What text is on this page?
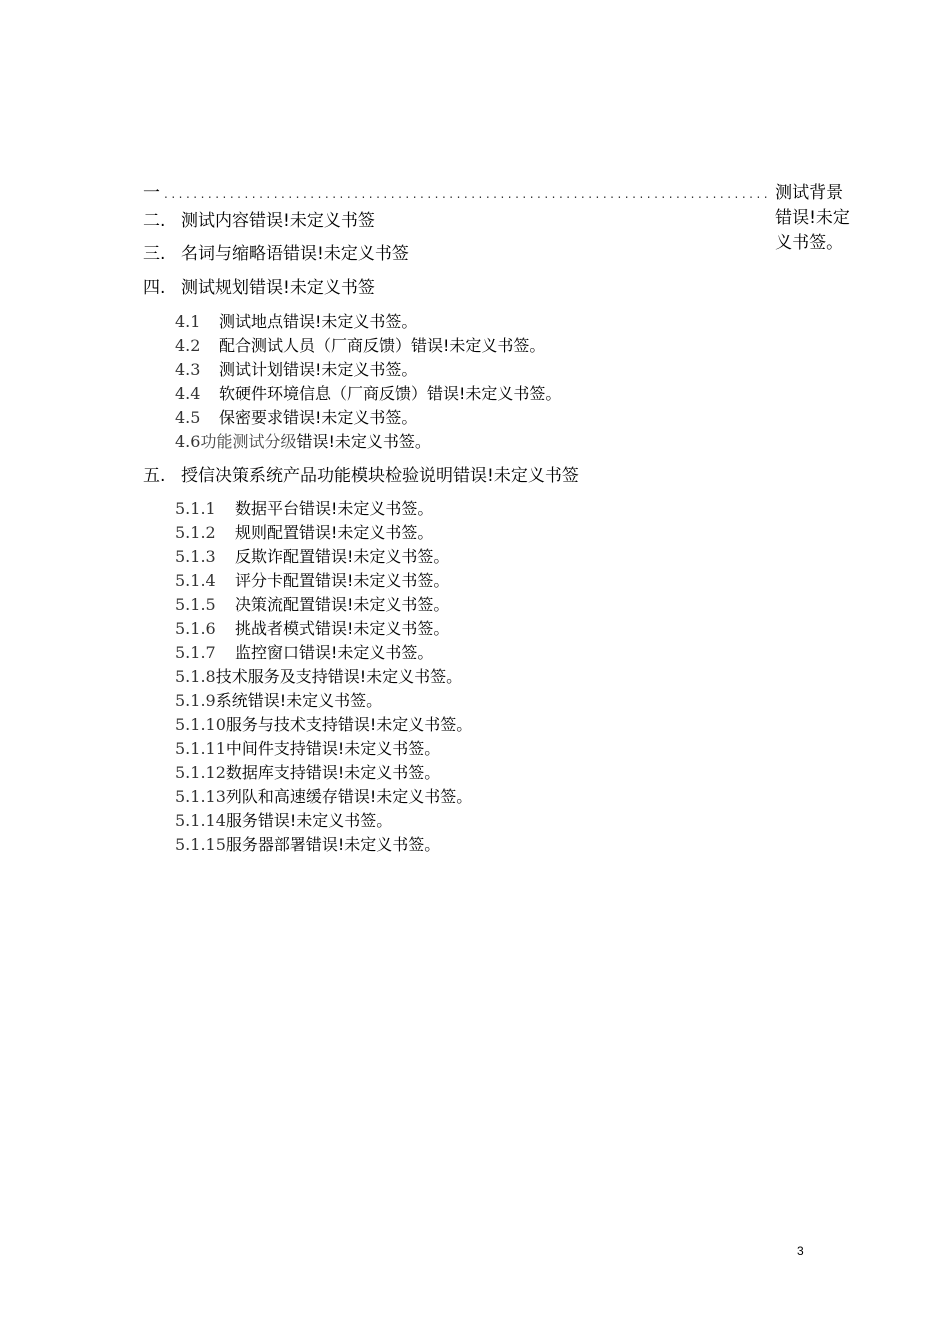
一 ................................................................................... 测试背景错误!未定义书签。
二. 测试内容错误!未定义书签
三. 名词与缩略语错误!未定义书签
四. 测试规划错误!未定义书签
4.1 测试地点错误!未定义书签。
4.2 配合测试人员（厂商反馈）错误!未定义书签。
4.3 测试计划错误!未定义书签。
4.4 软硬件环境信息（厂商反馈）错误!未定义书签。
4.5 保密要求错误!未定义书签。
4.6功能测试分级错误!未定义书签。
五. 授信决策系统产品功能模块检验说明错误!未定义书签
5.1.1 数据平台错误!未定义书签。
5.1.2 规则配置错误!未定义书签。
5.1.3 反欺诈配置错误!未定义书签。
5.1.4 评分卡配置错误!未定义书签。
5.1.5 决策流配置错误!未定义书签。
5.1.6 挑战者模式错误!未定义书签。
5.1.7 监控窗口错误!未定义书签。
5.1.8技术服务及支持错误!未定义书签。
5.1.9系统错误!未定义书签。
5.1.10服务与技术支持错误!未定义书签。
5.1.11中间件支持错误!未定义书签。
5.1.12数据库支持错误!未定义书签。
5.1.13列队和高速缓存错误!未定义书签。
5.1.14服务错误!未定义书签。
5.1.15服务器部署错误!未定义书签。
3
